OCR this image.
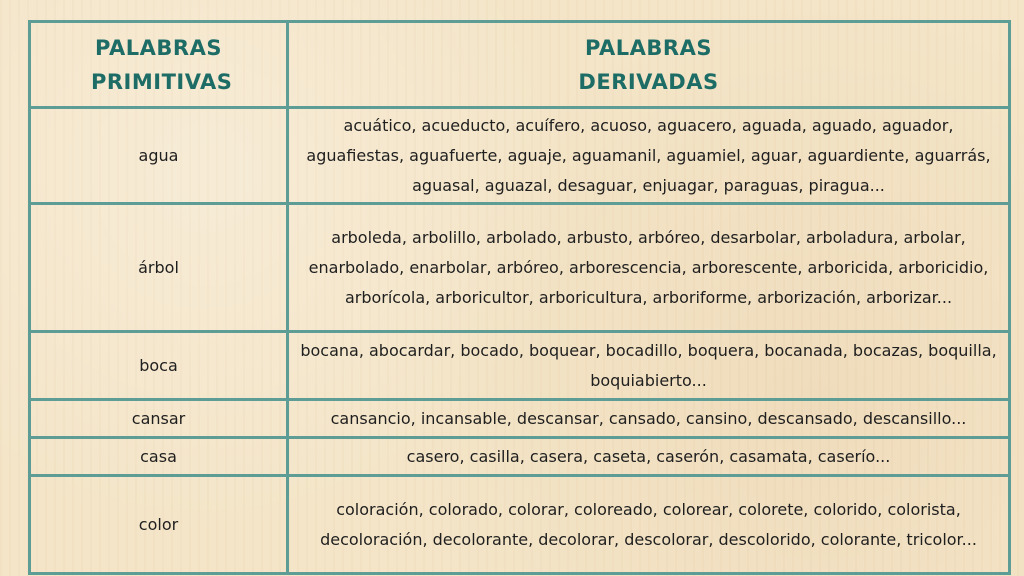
PALABRAS PRIMITIVAS	PALABRAS DERIVADAS
agua	acuático, acueducto, acuífero, acuoso, aguacero, aguada, aguado, aguador, aguafiestas, aguafuerte, aguaje, aguamanil, aguamiel, aguar, aguardiente, aguarrás, aguasal, aguazal, desaguar, enjuagar, paraguas, piragua...
árbol	arboleda, arbolillo, arbolado, arbusto, arbóreo, desarbolar, arboladura, arbolar, enarbolado, enarbolar, arbóreo, arborescencia, arborescente, arboricida, arboricidio, arborícola, arboricultor, arboricultura, arboriforme, arborización, arborizar...
boca	bocana, abocardar, bocado, boquear, bocadillo, boquera, bocanada, bocazas, boquilla, boquiabierto...
cansar	cansancio, incansable, descansar, cansado, cansino, descansado, descansillo...
casa	casero, casilla, casera, caseta, caserón, casamata, caserío...
color	coloración, colorado, colorar, coloreado, colorear, colorete, colorido, colorista, decoloración, decolorante, decolorar, descolorar, descolorido, colorante, tricolor...
